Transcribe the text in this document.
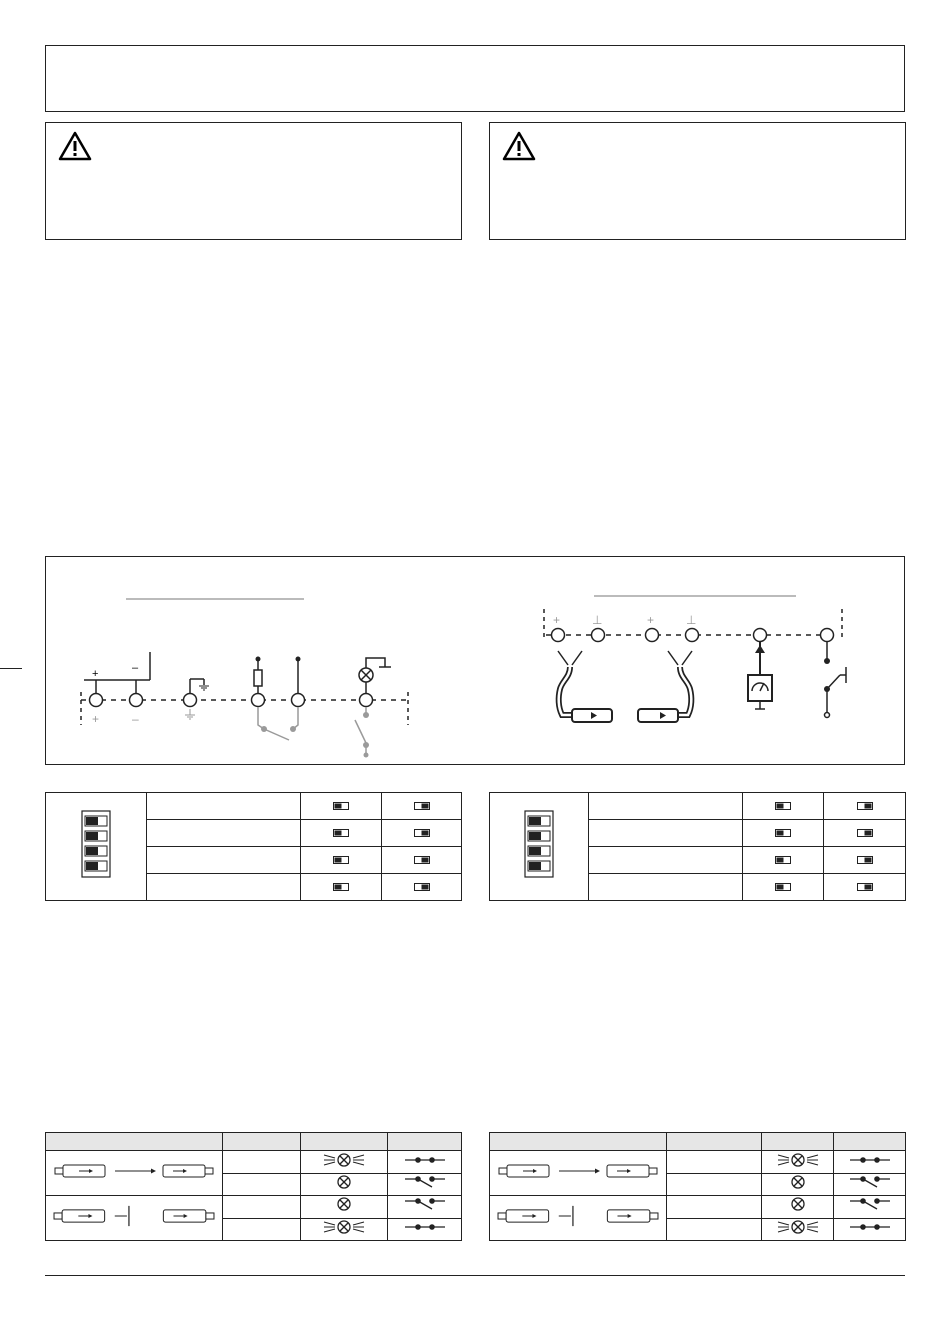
+	–
+	–
+	⊥	+	⊥
